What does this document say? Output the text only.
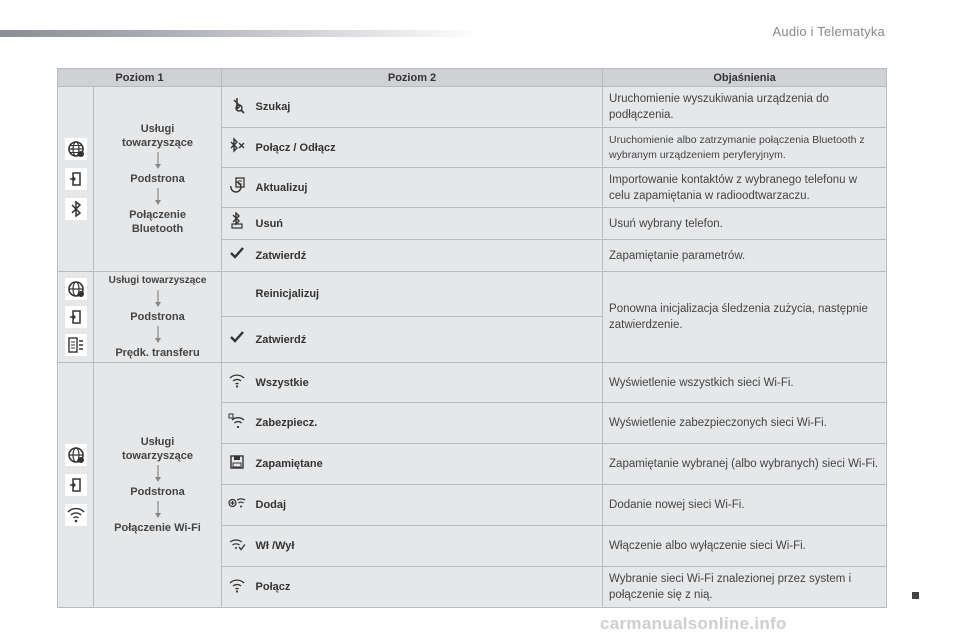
Audio i Telematyka
Poziom 1		Poziom 2		Objaśnienia

Usługi
towarzyszące
Podstrona
Połączenie
Bluetooth		Szukaj	Uruchomienie wyszukiwania urządzenia do podłączenia.
	Połącz / Odłącz	Uruchomienie albo zatrzymanie połączenia Bluetooth z wybranym urządzeniem peryferyjnym.
	Aktualizuj	Importowanie kontaktów z wybranego telefonu w celu zapamiętania w radioodtwarzaczu.
	Usuń	Usuń wybrany telefon.
	Zatwierdź	Zapamiętanie parametrów.

Usługi towarzyszące
Podstrona
Prędk. transferu		Reinicjalizuj	Ponowna inicjalizacja śledzenia zużycia, następnie zatwierdzenie.
	Zatwierdź	

Usługi
towarzyszące
Podstrona
Połączenie Wi-Fi		Wszystkie	Wyświetlenie wszystkich sieci Wi-Fi.
	Zabezpiecz.	Wyświetlenie zabezpieczonych sieci Wi-Fi.
	Zapamiętane	Zapamiętanie wybranej (albo wybranych) sieci Wi-Fi.
	Dodaj	Dodanie nowej sieci Wi-Fi.
	Wł /Wył	Włączenie albo wyłączenie sieci Wi-Fi.
	Połącz	Wybranie sieci Wi-Fi znalezionej przez system i połączenie się z nią.
carmanualsonline.info
